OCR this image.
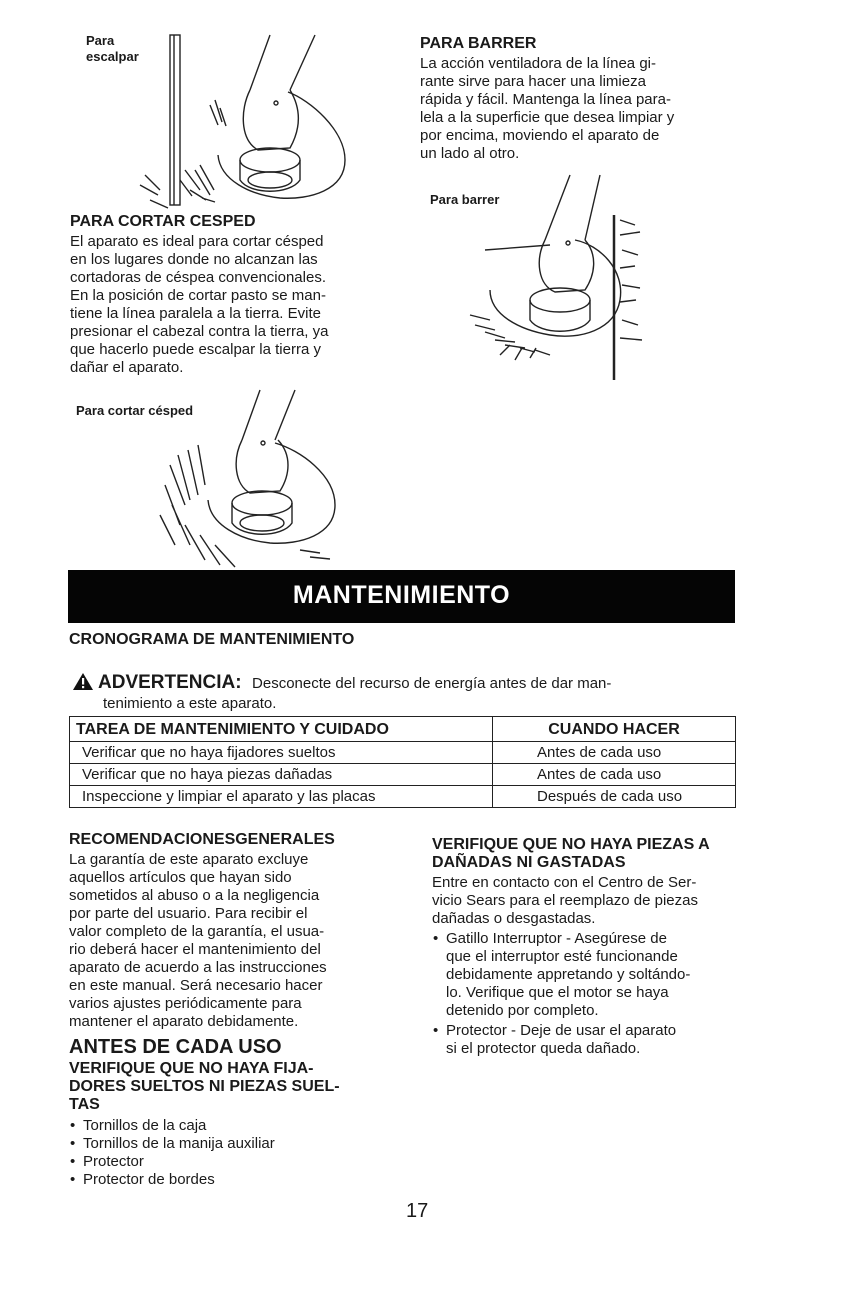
Para
escalpar
PARA BARRER
La acción ventiladora de la línea gi-
rante sirve para hacer una limieza
rápida y fácil. Mantenga la línea para-
lela a la superficie que desea limpiar y
por encima, moviendo el aparato de
un lado al otro.
Para barrer
PARA CORTAR CESPED
El aparato es ideal para cortar césped
en los lugares donde no alcanzan las
cortadoras de céspea convencionales.
En la posición de cortar pasto se man-
tiene la línea paralela a la tierra. Evite
presionar el cabezal contra la tierra, ya
que hacerlo puede escalpar la tierra y
dañar el aparato.
Para cortar césped
MANTENIMIENTO
CRONOGRAMA DE MANTENIMIENTO
ADVERTENCIA: Desconecte del recurso de energía antes de dar man-
tenimiento a este aparato.
TAREA DE MANTENIMIENTO Y CUIDADO	CUANDO HACER
Verificar que no haya fijadores sueltos	Antes de cada uso
Verificar que no haya piezas dañadas	Antes de cada uso
Inspeccione y limpiar el aparato y las placas	Después de cada uso
RECOMENDACIONESGENERALES
La garantía de este aparato excluye
aquellos artículos que hayan sido
sometidos al abuso o a la negligencia
por parte del usuario. Para recibir el
valor completo de la garantía, el usua-
rio deberá hacer el mantenimiento del
aparato de acuerdo a las instrucciones
en este manual. Será necesario hacer
varios ajustes periódicamente para
mantener el aparato debidamente.
ANTES DE CADA USO
VERIFIQUE QUE NO HAYA FIJA-
DORES SUELTOS NI PIEZAS SUEL-
TAS
• Tornillos de la caja
• Tornillos de la manija auxiliar
• Protector
• Protector de bordes
VERIFIQUE QUE NO HAYA PIEZAS A
DAÑADAS NI GASTADAS
Entre en contacto con el Centro de Ser-
vicio Sears para el reemplazo de piezas
dañadas o desgastadas.
• Gatillo Interruptor - Asegúrese de
que el interruptor esté funcionande
debidamente appretando y soltándo-
lo. Verifique que el motor se haya
detenido por completo.
• Protector - Deje de usar el aparato
si el protector queda dañado.
17
